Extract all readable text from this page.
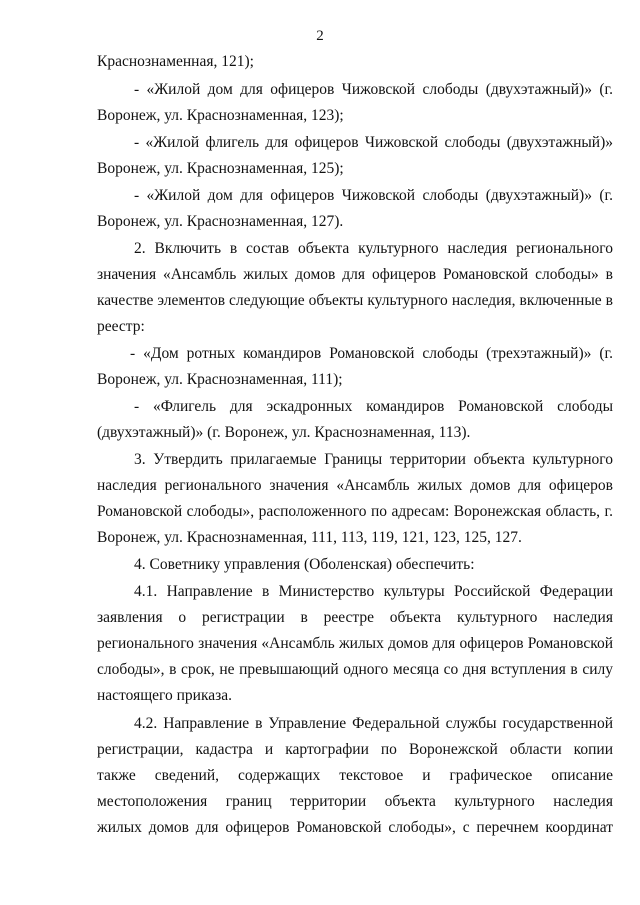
2
Краснознаменная, 121);
- «Жилой дом для офицеров Чижовской слободы (двухэтажный)» (г.
Воронеж, ул. Краснознаменная, 123);
- «Жилой флигель для офицеров Чижовской слободы (двухэтажный)»
Воронеж, ул. Краснознаменная, 125);
- «Жилой дом для офицеров Чижовской слободы (двухэтажный)» (г.
Воронеж, ул. Краснознаменная, 127).
2. Включить в состав объекта культурного наследия регионального
значения «Ансамбль жилых домов для офицеров Романовской слободы» в
качестве элементов следующие объекты культурного наследия, включенные в
реестр:
- «Дом ротных командиров Романовской слободы (трехэтажный)» (г.
Воронеж, ул. Краснознаменная, 111);
- «Флигель для эскадронных командиров Романовской слободы
(двухэтажный)» (г. Воронеж, ул. Краснознаменная, 113).
3. Утвердить прилагаемые Границы территории объекта культурного
наследия регионального значения «Ансамбль жилых домов для офицеров
Романовской слободы», расположенного по адресам: Воронежская область, г.
Воронеж, ул. Краснознаменная, 111, 113, 119, 121, 123, 125, 127.
4. Советнику управления (Оболенская) обеспечить:
4.1. Направление в Министерство культуры Российской Федерации
заявления о регистрации в реестре объекта культурного наследия
регионального значения «Ансамбль жилых домов для офицеров Романовской
слободы», в срок, не превышающий одного месяца со дня вступления в силу
настоящего приказа.
4.2. Направление в Управление Федеральной службы государственной
регистрации, кадастра и картографии по Воронежской области копии
также сведений, содержащих текстовое и графическое описание
местоположения границ территории объекта культурного наследия
жилых домов для офицеров Романовской слободы», с перечнем координат
